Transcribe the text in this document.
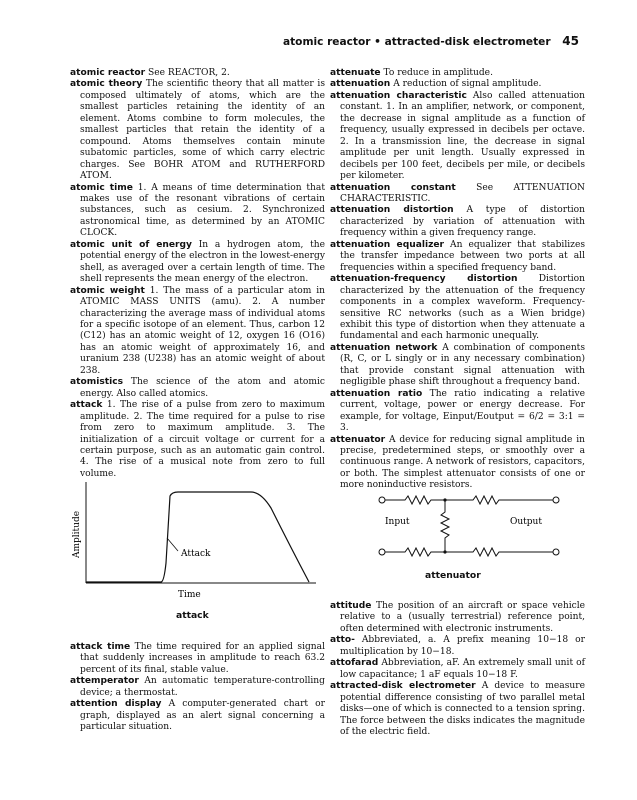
atomic reactor • attracted-disk electrometer 45
atomic reactor See REACTOR, 2.
atomic theory The scientific theory that all matter is composed ultimately of atoms, which are the smallest particles retaining the identity of an element. Atoms combine to form molecules, the smallest particles that retain the identity of a compound. Atoms themselves contain minute subatomic particles, some of which carry electric charges. See BOHR ATOM and RUTHERFORD ATOM.
atomic time 1. A means of time determination that makes use of the resonant vibrations of certain substances, such as cesium. 2. Synchronized astronomical time, as determined by an ATOMIC CLOCK.
atomic unit of energy In a hydrogen atom, the potential energy of the electron in the lowest-energy shell, as averaged over a certain length of time. The shell represents the mean energy of the electron.
atomic weight 1. The mass of a particular atom in ATOMIC MASS UNITS (amu). 2. A number characterizing the average mass of individual atoms for a specific isotope of an element. Thus, carbon 12 (C12) has an atomic weight of 12, oxygen 16 (O16) has an atomic weight of approximately 16, and uranium 238 (U238) has an atomic weight of about 238.
atomistics The science of the atom and atomic energy. Also called atomics.
attack 1. The rise of a pulse from zero to maximum amplitude. 2. The time required for a pulse to rise from zero to maximum amplitude. 3. The initialization of a circuit voltage or current for a certain purpose, such as an automatic gain control. 4. The rise of a musical note from zero to full volume.
Attack
Amplitude
Time
attack
attack time The time required for an applied signal that suddenly increases in amplitude to reach 63.2 percent of its final, stable value.
attemperator An automatic temperature-controlling device; a thermostat.
attention display A computer-generated chart or graph, displayed as an alert signal concerning a particular situation.
attenuate To reduce in amplitude.
attenuation A reduction of signal amplitude.
attenuation characteristic Also called attenuation constant. 1. In an amplifier, network, or component, the decrease in signal amplitude as a function of frequency, usually expressed in decibels per octave. 2. In a transmission line, the decrease in signal amplitude per unit length. Usually expressed in decibels per 100 feet, decibels per mile, or decibels per kilometer.
attenuation constant See ATTENUATION CHARACTERISTIC.
attenuation distortion A type of distortion characterized by variation of attenuation with frequency within a given frequency range.
attenuation equalizer An equalizer that stabilizes the transfer impedance between two ports at all frequencies within a specified frequency band.
attenuation-frequency distortion Distortion characterized by the attenuation of the frequency components in a complex waveform. Frequency-sensitive RC networks (such as a Wien bridge) exhibit this type of distortion when they attenuate a fundamental and each harmonic unequally.
attenuation network A combination of components (R, C, or L singly or in any necessary combination) that provide constant signal attenuation with negligible phase shift throughout a frequency band.
attenuation ratio The ratio indicating a relative current, voltage, power or energy decrease. For example, for voltage, Einput/Eoutput = 6/2 = 3:1 = 3.
attenuator A device for reducing signal amplitude in precise, predetermined steps, or smoothly over a continuous range. A network of resistors, capacitors, or both. The simplest attenuator consists of one or more noninductive resistors.
Input	Output
attenuator
attitude The position of an aircraft or space vehicle relative to a (usually terrestrial) reference point, often determined with electronic instruments.
atto- Abbreviated, a. A prefix meaning 10−18 or multiplication by 10−18.
attofarad Abbreviation, aF. An extremely small unit of low capacitance; 1 aF equals 10−18 F.
attracted-disk electrometer A device to measure potential difference consisting of two parallel metal disks—one of which is connected to a tension spring. The force between the disks indicates the magnitude of the electric field.
